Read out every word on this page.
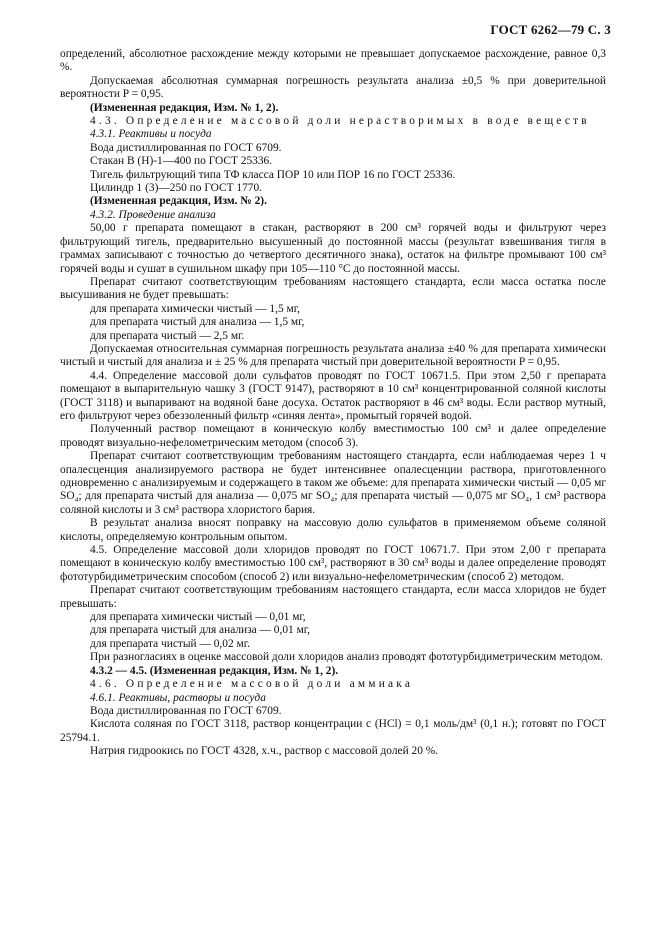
ГОСТ 6262—79 С. 3

определений, абсолютное расхождение между которыми не превышает допускаемое расхождение, равное 0,3 %.

Допускаемая абсолютная суммарная погрешность результата анализа ±0,5 % при доверительной вероятности P = 0,95.

(Измененная редакция, Изм. № 1, 2).

4.3. Определение массовой доли нерастворимых в воде веществ

4.3.1. Реактивы и посуда

Вода дистиллированная по ГОСТ 6709.

Стакан В (Н)-1—400 по ГОСТ 25336.

Тигель фильтрующий типа ТФ класса ПОР 10 или ПОР 16 по ГОСТ 25336.

Цилиндр 1 (3)—250 по ГОСТ 1770.

(Измененная редакция, Изм. № 2).

4.3.2. Проведение анализа

50,00 г препарата помещают в стакан, растворяют в 200 см³ горячей воды и фильтруют через фильтрующий тигель, предварительно высушенный до постоянной массы (результат взвешивания тигля в граммах записывают с точностью до четвертого десятичного знака), остаток на фильтре промывают 100 см³ горячей воды и сушат в сушильном шкафу при 105—110 °С до постоянной массы.

Препарат считают соответствующим требованиям настоящего стандарта, если масса остатка после высушивания не будет превышать:

для препарата химически чистый — 1,5 мг,

для препарата чистый для анализа — 1,5 мг,

для препарата чистый — 2,5 мг.

Допускаемая относительная суммарная погрешность результата анализа ±40 % для препарата химически чистый и чистый для анализа и ± 25 % для препарата чистый при доверительной вероятности P = 0,95.

4.4. Определение массовой доли сульфатов проводят по ГОСТ 10671.5. При этом 2,50 г препарата помещают в выпарительную чашку 3 (ГОСТ 9147), растворяют в 10 см³ концентрированной соляной кислоты (ГОСТ 3118) и выпаривают на водяной бане досуха. Остаток растворяют в 46 см³ воды. Если раствор мутный, его фильтруют через обеззоленный фильтр «синяя лента», промытый горячей водой.

Полученный раствор помещают в коническую колбу вместимостью 100 см³ и далее определение проводят визуально-нефелометрическим методом (способ 3).

Препарат считают соответствующим требованиям настоящего стандарта, если наблюдаемая через 1 ч опалесценция анализируемого раствора не будет интенсивнее опалесценции раствора, приготовленного одновременно с анализируемым и содержащего в таком же объеме: для препарата химически чистый — 0,05 мг SO₄; для препарата чистый для анализа — 0,075 мг SO₄; для препарата чистый — 0,075 мг SO₄, 1 см³ раствора соляной кислоты и 3 см³ раствора хлористого бария.

В результат анализа вносят поправку на массовую долю сульфатов в применяемом объеме соляной кислоты, определяемую контрольным опытом.

4.5. Определение массовой доли хлоридов проводят по ГОСТ 10671.7. При этом 2,00 г препарата помещают в коническую колбу вместимостью 100 см³, растворяют в 30 см³ воды и далее определение проводят фототурбидиметрическим способом (способ 2) или визуально-нефелометрическим (способ 2) методом.

Препарат считают соответствующим требованиям настоящего стандарта, если масса хлоридов не будет превышать:

для препарата химически чистый — 0,01 мг,

для препарата чистый для анализа — 0,01 мг,

для препарата чистый — 0,02 мг.

При разногласиях в оценке массовой доли хлоридов анализ проводят фототурбидиметрическим методом.

4.3.2 — 4.5. (Измененная редакция, Изм. № 1, 2).

4.6. Определение массовой доли аммиака

4.6.1. Реактивы, растворы и посуда

Вода дистиллированная по ГОСТ 6709.

Кислота соляная по ГОСТ 3118, раствор концентрации с (НСl) = 0,1 моль/дм³ (0,1 н.); готовят по ГОСТ 25794.1.

Натрия гидроокись по ГОСТ 4328, х.ч., раствор с массовой долей 20 %.
